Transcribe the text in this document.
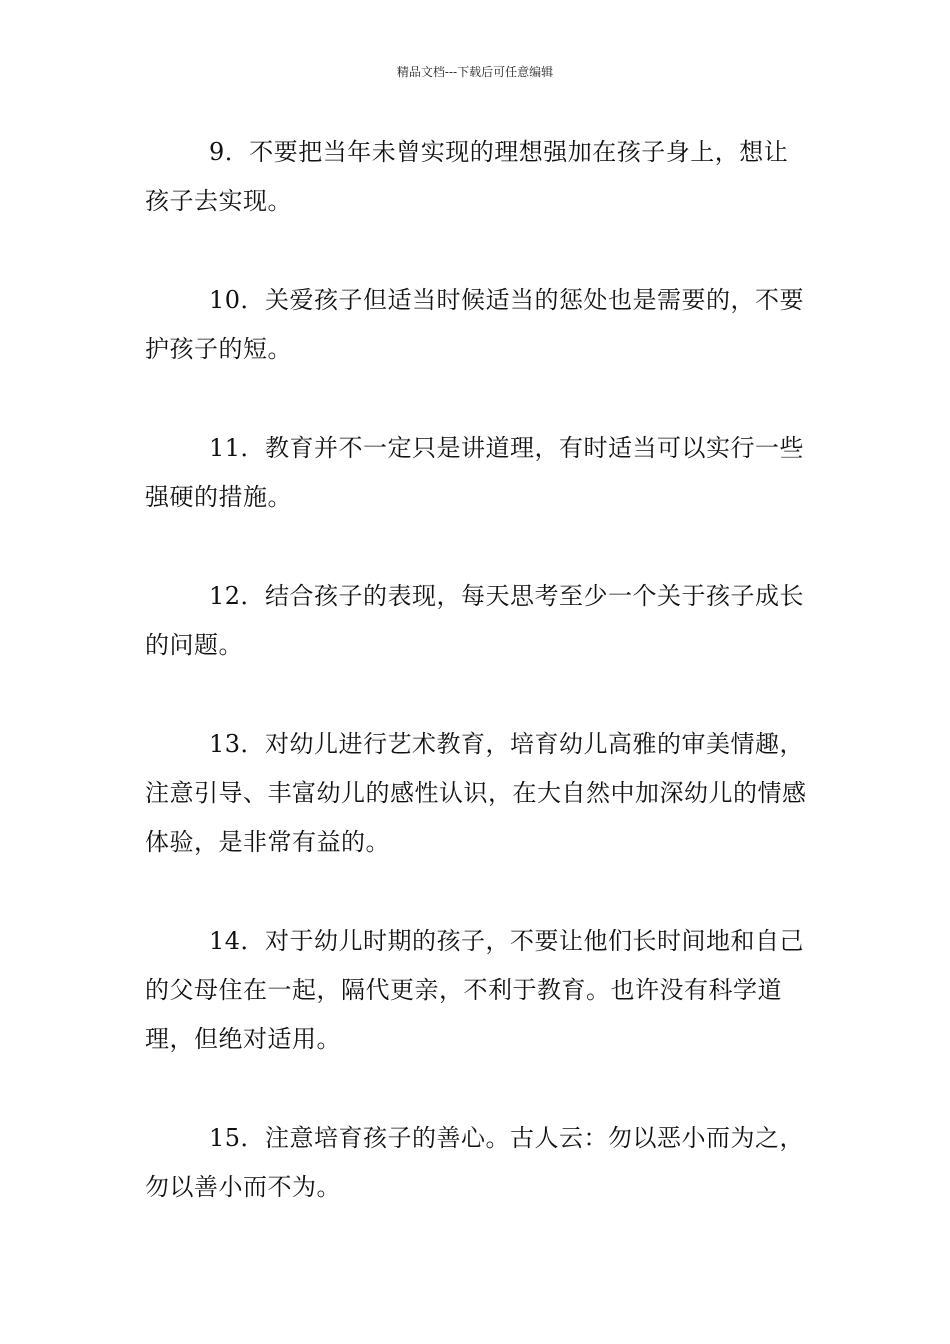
精品文档---下载后可任意编辑

9．不要把当年未曾实现的理想强加在孩子身上，想让孩子去实现。

10．关爱孩子但适当时候适当的惩处也是需要的，不要护孩子的短。

11．教育并不一定只是讲道理，有时适当可以实行一些强硬的措施。

12．结合孩子的表现，每天思考至少一个关于孩子成长的问题。

13．对幼儿进行艺术教育，培育幼儿高雅的审美情趣，注意引导、丰富幼儿的感性认识，在大自然中加深幼儿的情感体验，是非常有益的。

14．对于幼儿时期的孩子，不要让他们长时间地和自己的父母住在一起，隔代更亲，不利于教育。也许没有科学道理，但绝对适用。

15．注意培育孩子的善心。古人云：勿以恶小而为之，勿以善小而不为。
